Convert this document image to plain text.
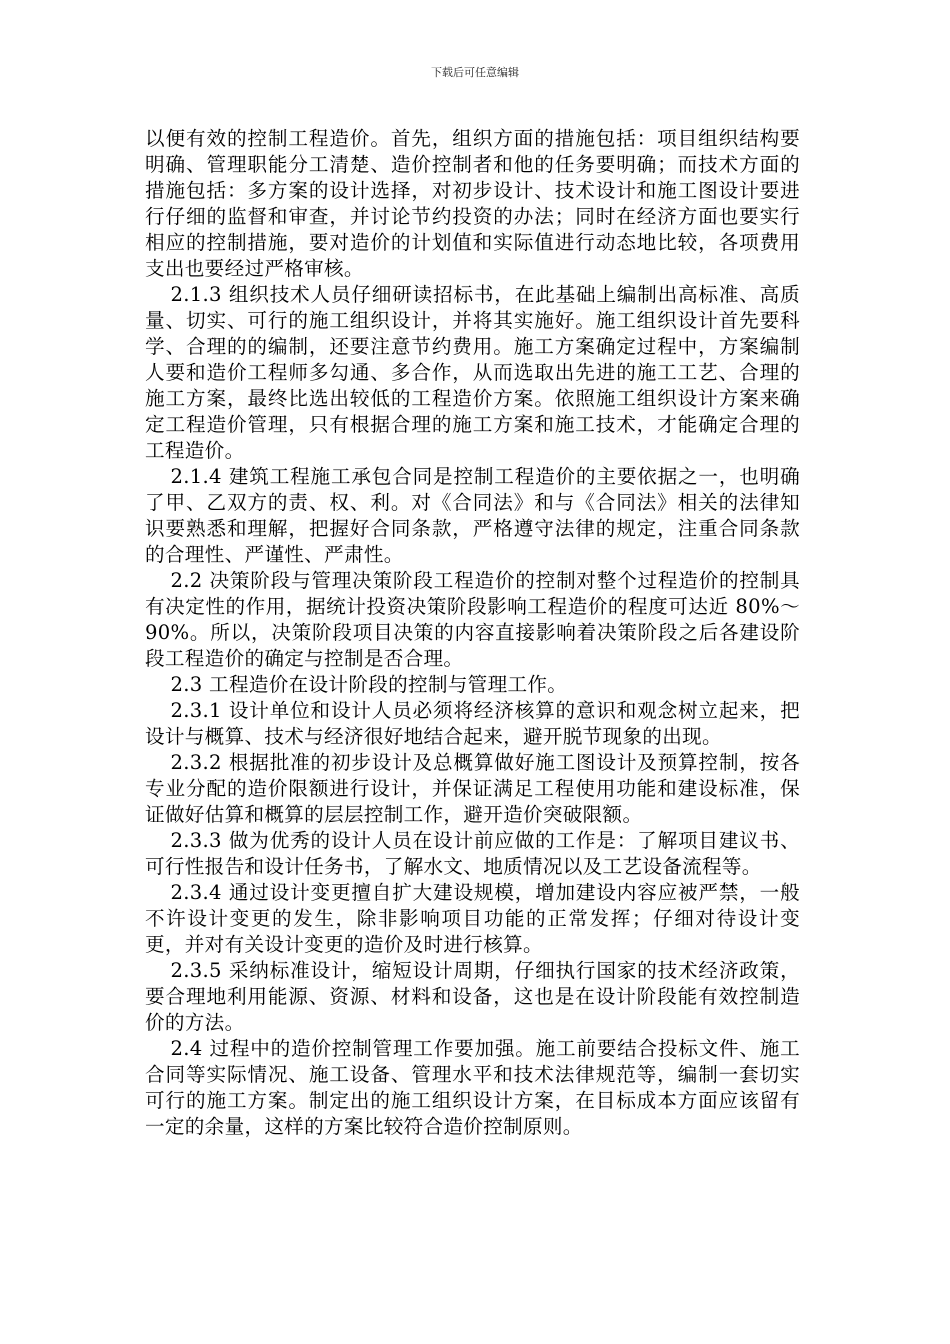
下载后可任意编辑

以便有效的控制工程造价。首先，组织方面的措施包括：项目组织结构要明确、管理职能分工清楚、造价控制者和他的任务要明确；而技术方面的措施包括：多方案的设计选择，对初步设计、技术设计和施工图设计要进行仔细的监督和审查，并讨论节约投资的办法；同时在经济方面也要实行相应的控制措施，要对造价的计划值和实际值进行动态地比较，各项费用支出也要经过严格审核。

2.1.3 组织技术人员仔细研读招标书，在此基础上编制出高标准、高质量、切实、可行的施工组织设计，并将其实施好。施工组织设计首先要科学、合理的的编制，还要注意节约费用。施工方案确定过程中，方案编制人要和造价工程师多勾通、多合作，从而选取出先进的施工工艺、合理的施工方案，最终比选出较低的工程造价方案。依照施工组织设计方案来确定工程造价管理，只有根据合理的施工方案和施工技术，才能确定合理的工程造价。

2.1.4 建筑工程施工承包合同是控制工程造价的主要依据之一，也明确了甲、乙双方的责、权、利。对《合同法》和与《合同法》相关的法律知识要熟悉和理解，把握好合同条款，严格遵守法律的规定，注重合同条款的合理性、严谨性、严肃性。

2.2 决策阶段与管理决策阶段工程造价的控制对整个过程造价的控制具有决定性的作用，据统计投资决策阶段影响工程造价的程度可达近 80%～90%。所以，决策阶段项目决策的内容直接影响着决策阶段之后各建设阶段工程造价的确定与控制是否合理。

2.3 工程造价在设计阶段的控制与管理工作。

2.3.1 设计单位和设计人员必须将经济核算的意识和观念树立起来，把设计与概算、技术与经济很好地结合起来，避开脱节现象的出现。

2.3.2 根据批准的初步设计及总概算做好施工图设计及预算控制，按各专业分配的造价限额进行设计，并保证满足工程使用功能和建设标准，保证做好估算和概算的层层控制工作，避开造价突破限额。

2.3.3 做为优秀的设计人员在设计前应做的工作是：了解项目建议书、可行性报告和设计任务书，了解水文、地质情况以及工艺设备流程等。

2.3.4 通过设计变更擅自扩大建设规模，增加建设内容应被严禁，一般不许设计变更的发生，除非影响项目功能的正常发挥；仔细对待设计变更，并对有关设计变更的造价及时进行核算。

2.3.5 采纳标准设计，缩短设计周期，仔细执行国家的技术经济政策，要合理地利用能源、资源、材料和设备，这也是在设计阶段能有效控制造价的方法。

2.4 过程中的造价控制管理工作要加强。施工前要结合投标文件、施工合同等实际情况、施工设备、管理水平和技术法律规范等，编制一套切实可行的施工方案。制定出的施工组织设计方案，在目标成本方面应该留有一定的余量，这样的方案比较符合造价控制原则。
